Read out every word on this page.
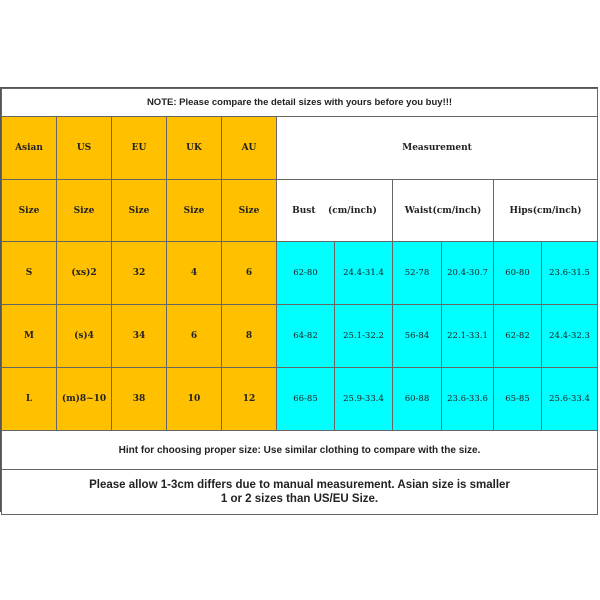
NOTE: Please compare the detail sizes with yours before you buy!!!										
Asian	US	EU	UK	AU	Measurement					
Size	Size	Size	Size	Size	Bust    (cm/inch)		Waist(cm/inch)		Hips(cm/inch)	
S	(xs)2	32	4	6	62-80	24.4-31.4	52-78	20.4-30.7	60-80	23.6-31.5
M	(s)4	34	6	8	64-82	25.1-32.2	56-84	22.1-33.1	62-82	24.4-32.3
L	(m)8~10	38	10	12	66-85	25.9-33.4	60-88	23.6-33.6	65-85	25.6-33.4
Hint for choosing proper size: Use similar clothing to compare with the size.										

Please allow 1-3cm differs due to manual measurement. Asian size is smaller
1 or 2 sizes than US/EU Size.										
